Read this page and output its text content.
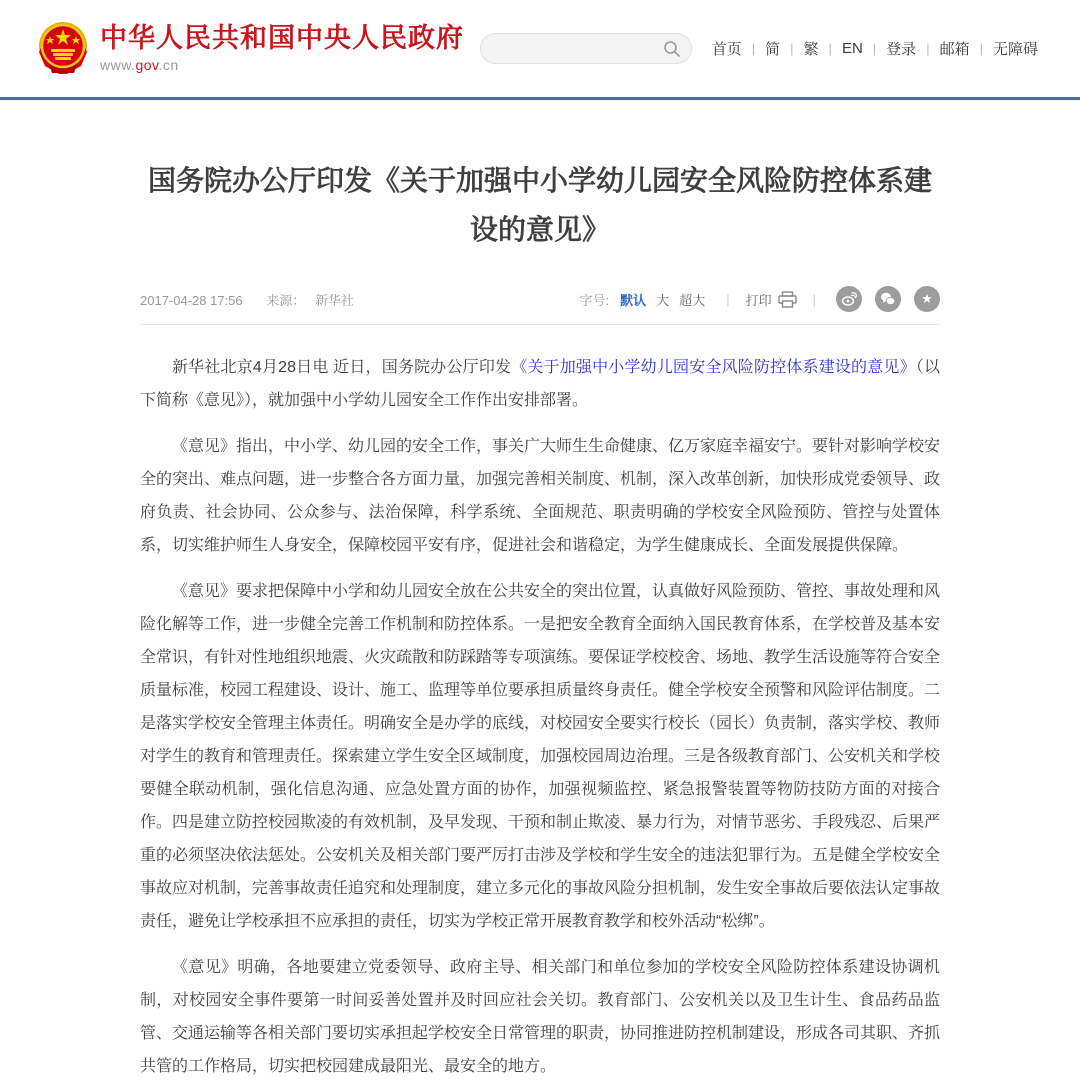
中华人民共和国中央人民政府
www.gov.cn
首页 | 简 | 繁 | EN | 登录 | 邮箱 | 无障碍
国务院办公厅印发《关于加强中小学幼儿园安全风险防控体系建设的意见》
2017-04-28 17:56 来源： 新华社	字号: 默认 大 超大 | 打印	|	★

新华社北京4月28日电 近日，国务院办公厅印发《关于加强中小学幼儿园安全风险防控体系建设的意见》（以下简称《意见》），就加强中小学幼儿园安全工作作出安排部署。

《意见》指出，中小学、幼儿园的安全工作，事关广大师生生命健康、亿万家庭幸福安宁。要针对影响学校安全的突出、难点问题，进一步整合各方面力量，加强完善相关制度、机制，深入改革创新，加快形成党委领导、政府负责、社会协同、公众参与、法治保障，科学系统、全面规范、职责明确的学校安全风险预防、管控与处置体系，切实维护师生人身安全，保障校园平安有序，促进社会和谐稳定，为学生健康成长、全面发展提供保障。

《意见》要求把保障中小学和幼儿园安全放在公共安全的突出位置，认真做好风险预防、管控、事故处理和风险化解等工作，进一步健全完善工作机制和防控体系。一是把安全教育全面纳入国民教育体系，在学校普及基本安全常识，有针对性地组织地震、火灾疏散和防踩踏等专项演练。要保证学校校舍、场地、教学生活设施等符合安全质量标准，校园工程建设、设计、施工、监理等单位要承担质量终身责任。健全学校安全预警和风险评估制度。二是落实学校安全管理主体责任。明确安全是办学的底线，对校园安全要实行校长（园长）负责制，落实学校、教师对学生的教育和管理责任。探索建立学生安全区域制度，加强校园周边治理。三是各级教育部门、公安机关和学校要健全联动机制，强化信息沟通、应急处置方面的协作，加强视频监控、紧急报警装置等物防技防方面的对接合作。四是建立防控校园欺凌的有效机制，及早发现、干预和制止欺凌、暴力行为，对情节恶劣、手段残忍、后果严重的必须坚决依法惩处。公安机关及相关部门要严厉打击涉及学校和学生安全的违法犯罪行为。五是健全学校安全事故应对机制，完善事故责任追究和处理制度，建立多元化的事故风险分担机制，发生安全事故后要依法认定事故责任，避免让学校承担不应承担的责任，切实为学校正常开展教育教学和校外活动“松绑”。

《意见》明确，各地要建立党委领导、政府主导、相关部门和单位参加的学校安全风险防控体系建设协调机制，对校园安全事件要第一时间妥善处置并及时回应社会关切。教育部门、公安机关以及卫生计生、食品药品监管、交通运输等各相关部门要切实承担起学校安全日常管理的职责，协同推进防控机制建设，形成各司其职、齐抓共管的工作格局，切实把校园建成最阳光、最安全的地方。
